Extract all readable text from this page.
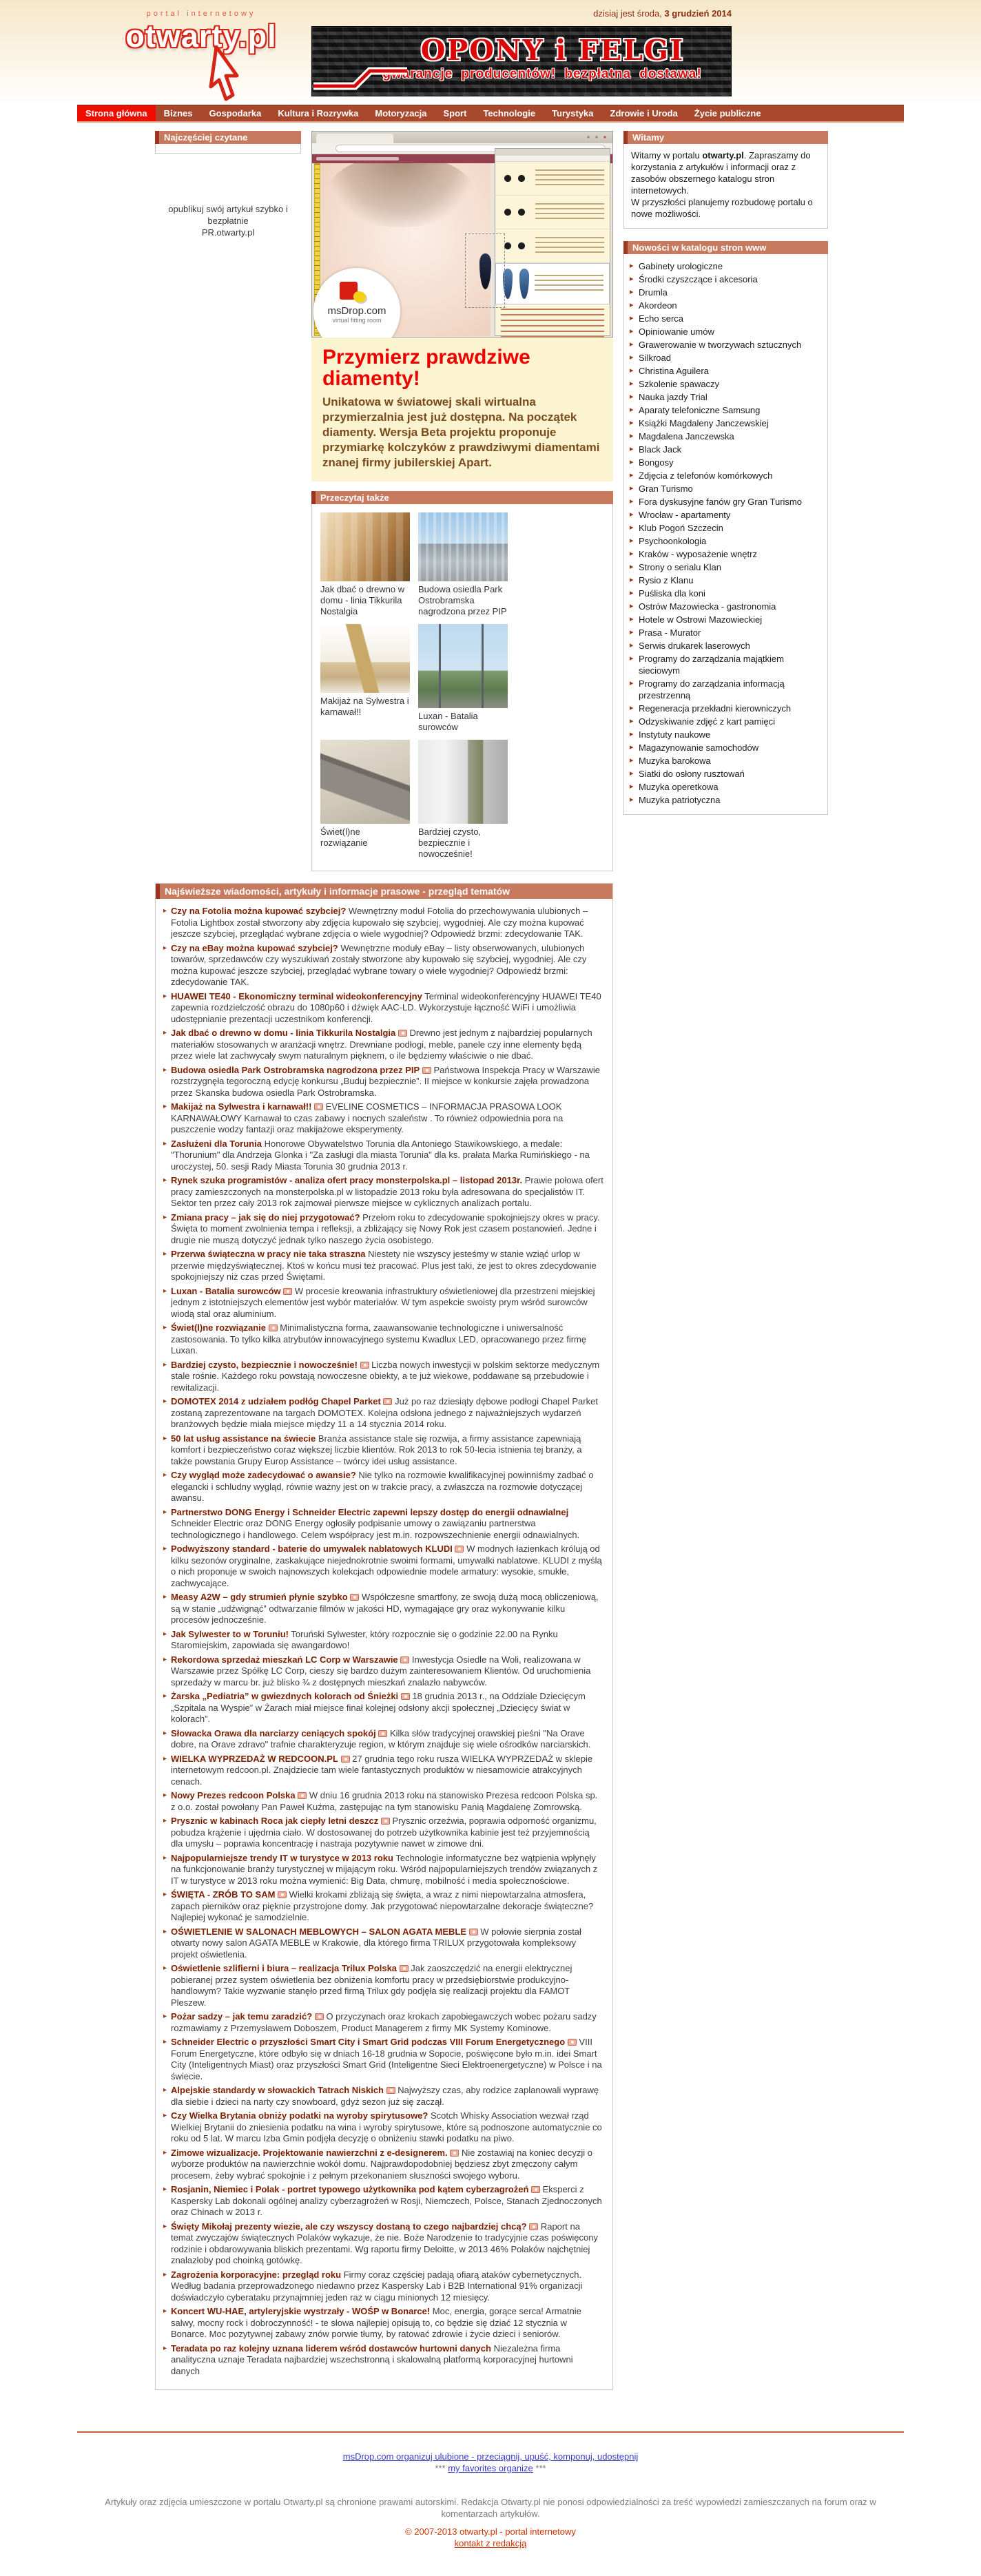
portal internetowy
otwarty.pl
dzisiaj jest środa, 3 grudzień 2014
OPONY i FELGI
gwarancje producentów! bezpłatna dostawa!
Strona główna	Biznes	Gospodarka	Kultura i Rozrywka	Motoryzacja	Sport	Technologie	Turystyka	Zdrowie i Uroda	Życie publiczne
Najczęściej czytane
opublikuj swój artykuł szybko i bezpłatnie
PR.otwarty.pl
msDrop.com
virtual fitting room
Przymierz prawdziwe diamenty!

Unikatowa w światowej skali wirtualna przymierzalnia jest już dostępna. Na początek diamenty. Wersja Beta projektu proponuje przymiarkę kolczyków z prawdziwymi diamentami znanej firmy jubilerskiej Apart.

Przeczytaj także
Jak dbać o drewno w domu - linia Tikkurila Nostalgia
Budowa osiedla Park Ostrobramska nagrodzona przez PIP
Makijaż na Sylwestra i karnawał!!	Luxan - Batalia surowców
Świet(l)ne rozwiązanie
Bardziej czysto, bezpiecznie i nowocześnie!
Witamy
Witamy w portalu otwarty.pl. Zapraszamy do korzystania z artykułów i informacji oraz z zasobów obszernego katalogu stron internetowych.
W przyszłości planujemy rozbudowę portalu o nowe możliwości.
Nowości w katalogu stron www
▸ Gabinety urologiczne
▸ Środki czyszczące i akcesoria
▸ Drumla
▸ Akordeon
▸ Echo serca
▸ Opiniowanie umów
▸ Grawerowanie w tworzywach sztucznych
▸ Silkroad
▸ Christina Aguilera
▸ Szkolenie spawaczy
▸ Nauka jazdy Trial
▸ Aparaty telefoniczne Samsung
▸ Książki Magdaleny Janczewskiej
▸ Magdalena Janczewska
▸ Black Jack
▸ Bongosy
▸ Zdjęcia z telefonów komórkowych
▸ Gran Turismo
▸ Fora dyskusyjne fanów gry Gran Turismo
▸ Wrocław - apartamenty
▸ Klub Pogoń Szczecin
▸ Psychoonkologia
▸ Kraków - wyposażenie wnętrz
▸ Strony o serialu Klan
▸ Rysio z Klanu
▸ Puśliska dla koni
▸ Ostrów Mazowiecka - gastronomia
▸ Hotele w Ostrowi Mazowieckiej
▸ Prasa - Murator
▸ Serwis drukarek laserowych
▸ Programy do zarządzania majątkiem sieciowym
▸ Programy do zarządzania informacją przestrzenną
▸ Regeneracja przekładni kierowniczych
▸ Odzyskiwanie zdjęć z kart pamięci
▸ Instytuty naukowe
▸ Magazynowanie samochodów
▸ Muzyka barokowa
▸ Siatki do osłony rusztowań
▸ Muzyka operetkowa
▸ Muzyka patriotyczna
Najświeższe wiadomości, artykuły i informacje prasowe - przegląd tematów
▸ Czy na Fotolia można kupować szybciej? Wewnętrzny moduł Fotolia do przechowywania ulubionych – Fotolia Lightbox został stworzony aby zdjęcia kupowało się szybciej, wygodniej. Ale czy można kupować jeszcze szybciej, przeglądać wybrane zdjęcia o wiele wygodniej? Odpowiedź brzmi: zdecydowanie TAK.
▸ Czy na eBay można kupować szybciej? Wewnętrzne moduły eBay – listy obserwowanych, ulubionych towarów, sprzedawców czy wyszukiwań zostały stworzone aby kupowało się szybciej, wygodniej. Ale czy można kupować jeszcze szybciej, przeglądać wybrane towary o wiele wygodniej? Odpowiedź brzmi: zdecydowanie TAK.
▸ HUAWEI TE40 - Ekonomiczny terminal wideokonferencyjny Terminal wideokonferencyjny HUAWEI TE40 zapewnia rozdzielczość obrazu do 1080p60 i dźwięk AAC-LD. Wykorzystuje łączność WiFi i umożliwia udostępnianie prezentacji uczestnikom konferencji.
▸ Jak dbać o drewno w domu - linia Tikkurila Nostalgia Drewno jest jednym z najbardziej popularnych materiałów stosowanych w aranżacji wnętrz. Drewniane podłogi, meble, panele czy inne elementy będą przez wiele lat zachwycały swym naturalnym pięknem, o ile będziemy właściwie o nie dbać.
▸ Budowa osiedla Park Ostrobramska nagrodzona przez PIP Państwowa Inspekcja Pracy w Warszawie rozstrzygnęła tegoroczną edycję konkursu „Buduj bezpiecznie”. II miejsce w konkursie zajęła prowadzona przez Skanska budowa osiedla Park Ostrobramska.
▸ Makijaż na Sylwestra i karnawał!! EVELINE COSMETICS – INFORMACJA PRASOWA LOOK KARNAWAŁOWY Karnawał to czas zabawy i nocnych szaleństw . To również odpowiednia pora na puszczenie wodzy fantazji oraz makijażowe eksperymenty.
▸ Zasłużeni dla Torunia Honorowe Obywatelstwo Torunia dla Antoniego Stawikowskiego, a medale: "Thorunium" dla Andrzeja Glonka i "Za zasługi dla miasta Torunia" dla ks. prałata Marka Rumińskiego - na uroczystej, 50. sesji Rady Miasta Torunia 30 grudnia 2013 r.
▸ Rynek szuka programistów - analiza ofert pracy monsterpolska.pl – listopad 2013r. Prawie połowa ofert pracy zamieszczonych na monsterpolska.pl w listopadzie 2013 roku była adresowana do specjalistów IT. Sektor ten przez cały 2013 rok zajmował pierwsze miejsce w cyklicznych analizach portalu.
▸ Zmiana pracy – jak się do niej przygotować? Przełom roku to zdecydowanie spokojniejszy okres w pracy. Święta to moment zwolnienia tempa i refleksji, a zbliżający się Nowy Rok jest czasem postanowień. Jedne i drugie nie muszą dotyczyć jednak tylko naszego życia osobistego.
▸ Przerwa świąteczna w pracy nie taka straszna Niestety nie wszyscy jesteśmy w stanie wziąć urlop w przerwie międzyświątecznej. Ktoś w końcu musi też pracować. Plus jest taki, że jest to okres zdecydowanie spokojniejszy niż czas przed Świętami.
▸ Luxan - Batalia surowców W procesie kreowania infrastruktury oświetleniowej dla przestrzeni miejskiej jednym z istotniejszych elementów jest wybór materiałów. W tym aspekcie swoisty prym wśród surowców wiodą stal oraz aluminium.
▸ Świet(l)ne rozwiązanie Minimalistyczna forma, zaawansowanie technologiczne i uniwersalność zastosowania. To tylko kilka atrybutów innowacyjnego systemu Kwadlux LED, opracowanego przez firmę Luxan.
▸ Bardziej czysto, bezpiecznie i nowocześnie! Liczba nowych inwestycji w polskim sektorze medycznym stale rośnie. Każdego roku powstają nowoczesne obiekty, a te już wiekowe, poddawane są przebudowie i rewitalizacji.
▸ DOMOTEX 2014 z udziałem podłóg Chapel Parket Już po raz dziesiąty dębowe podłogi Chapel Parket zostaną zaprezentowane na targach DOMOTEX. Kolejna odsłona jednego z najważniejszych wydarzeń branżowych będzie miała miejsce między 11 a 14 stycznia 2014 roku.
▸ 50 lat usług assistance na świecie Branża assistance stale się rozwija, a firmy assistance zapewniają komfort i bezpieczeństwo coraz większej liczbie klientów. Rok 2013 to rok 50-lecia istnienia tej branży, a także powstania Grupy Europ Assistance – twórcy idei usług assistance.
▸ Czy wygląd może zadecydować o awansie? Nie tylko na rozmowie kwalifikacyjnej powinniśmy zadbać o elegancki i schludny wygląd, równie ważny jest on w trakcie pracy, a zwłaszcza na rozmowie dotyczącej awansu.
▸ Partnerstwo DONG Energy i Schneider Electric zapewni lepszy dostęp do energii odnawialnej Schneider Electric oraz DONG Energy ogłosiły podpisanie umowy o zawiązaniu partnerstwa technologicznego i handlowego. Celem współpracy jest m.in. rozpowszechnienie energii odnawialnych.
▸ Podwyższony standard - baterie do umywalek nablatowych KLUDI W modnych łazienkach królują od kilku sezonów oryginalne, zaskakujące niejednokrotnie swoimi formami, umywalki nablatowe. KLUDI z myślą o nich proponuje w swoich najnowszych kolekcjach odpowiednie modele armatury: wysokie, smukłe, zachwycające.
▸ Measy A2W – gdy strumień płynie szybko Współczesne smartfony, ze swoją dużą mocą obliczeniową, są w stanie „udźwignąć” odtwarzanie filmów w jakości HD, wymagające gry oraz wykonywanie kilku procesów jednocześnie.
▸ Jak Sylwester to w Toruniu! Toruński Sylwester, który rozpocznie się o godzinie 22.00 na Rynku Staromiejskim, zapowiada się awangardowo!
▸ Rekordowa sprzedaż mieszkań LC Corp w Warszawie Inwestycja Osiedle na Woli, realizowana w Warszawie przez Spółkę LC Corp, cieszy się bardzo dużym zainteresowaniem Klientów. Od uruchomienia sprzedaży w marcu br. już blisko ¾ z dostępnych mieszkań znalazło nabywców.
▸ Żarska „Pediatria” w gwiezdnych kolorach od Śnieżki 18 grudnia 2013 r., na Oddziale Dziecięcym „Szpitala na Wyspie” w Żarach miał miejsce finał kolejnej odsłony akcji społecznej „Dziecięcy świat w kolorach”.
▸ Słowacka Orawa dla narciarzy ceniących spokój Kilka słów tradycyjnej orawskiej pieśni "Na Orave dobre, na Orave zdravo" trafnie charakteryzuje region, w którym znajduje się wiele ośrodków narciarskich.
▸ WIELKA WYPRZEDAŻ W REDCOON.PL 27 grudnia tego roku rusza WIELKA WYPRZEDAŻ w sklepie internetowym redcoon.pl. Znajdziecie tam wiele fantastycznych produktów w niesamowicie atrakcyjnych cenach.
▸ Nowy Prezes redcoon Polska W dniu 16 grudnia 2013 roku na stanowisko Prezesa redcoon Polska sp. z o.o. został powołany Pan Paweł Kuźma, zastępując na tym stanowisku Panią Magdalenę Zomrowską.
▸ Prysznic w kabinach Roca jak ciepły letni deszcz Prysznic orzeźwia, poprawia odporność organizmu, pobudza krążenie i ujędrnia ciało. W dostosowanej do potrzeb użytkownika kabinie jest też przyjemnością dla umysłu – poprawia koncentrację i nastraja pozytywnie nawet w zimowe dni.
▸ Najpopularniejsze trendy IT w turystyce w 2013 roku Technologie informatyczne bez wątpienia wpłynęły na funkcjonowanie branży turystycznej w mijającym roku. Wśród najpopularniejszych trendów związanych z IT w turystyce w 2013 roku można wymienić: Big Data, chmurę, mobilność i media społecznościowe.
▸ ŚWIĘTA - ZRÓB TO SAM Wielki krokami zbliżają się święta, a wraz z nimi niepowtarzalna atmosfera, zapach pierników oraz pięknie przystrojone domy. Jak przygotować niepowtarzalne dekoracje świąteczne? Najlepiej wykonać je samodzielnie.
▸ OŚWIETLENIE W SALONACH MEBLOWYCH – SALON AGATA MEBLE W połowie sierpnia został otwarty nowy salon AGATA MEBLE w Krakowie, dla którego firma TRILUX przygotowała kompleksowy projekt oświetlenia.
▸ Oświetlenie szlifierni i biura – realizacja Trilux Polska Jak zaoszczędzić na energii elektrycznej pobieranej przez system oświetlenia bez obniżenia komfortu pracy w przedsiębiorstwie produkcyjno-handlowym? Takie wyzwanie stanęło przed firmą Trilux gdy podjęła się realizacji projektu dla FAMOT Pleszew.
▸ Pożar sadzy – jak temu zaradzić? O przyczynach oraz krokach zapobiegawczych wobec pożaru sadzy rozmawiamy z Przemysławem Doboszem, Product Managerem z firmy MK Systemy Kominowe.
▸ Schneider Electric o przyszłości Smart City i Smart Grid podczas VIII Forum Energetycznego VIII Forum Energetyczne, które odbyło się w dniach 16-18 grudnia w Sopocie, poświęcone było m.in. idei Smart City (Inteligentnych Miast) oraz przyszłości Smart Grid (Inteligentne Sieci Elektroenergetyczne) w Polsce i na świecie.
▸ Alpejskie standardy w słowackich Tatrach Niskich Najwyższy czas, aby rodzice zaplanowali wyprawę dla siebie i dzieci na narty czy snowboard, gdyż sezon już się zaczął.
▸ Czy Wielka Brytania obniży podatki na wyroby spirytusowe? Scotch Whisky Association wezwał rząd Wielkiej Brytanii do zniesienia podatku na wina i wyroby spirytusowe, które są podnoszone automatycznie co roku od 5 lat. W marcu Izba Gmin podjęła decyzję o obniżeniu stawki podatku na piwo.
▸ Zimowe wizualizacje. Projektowanie nawierzchni z e-designerem. Nie zostawiaj na koniec decyzji o wyborze produktów na nawierzchnie wokół domu. Najprawdopodobniej będziesz zbyt zmęczony całym procesem, żeby wybrać spokojnie i z pełnym przekonaniem słuszności swojego wyboru.
▸ Rosjanin, Niemiec i Polak - portret typowego użytkownika pod kątem cyberzagrożeń Eksperci z Kaspersky Lab dokonali ogólnej analizy cyberzagrożeń w Rosji, Niemczech, Polsce, Stanach Zjednoczonych oraz Chinach w 2013 r.
▸ Święty Mikołaj prezenty wiezie, ale czy wszyscy dostaną to czego najbardziej chcą? Raport na temat zwyczajów świątecznych Polaków wykazuje, że nie. Boże Narodzenie to tradycyjnie czas poświęcony rodzinie i obdarowywania bliskich prezentami. Wg raportu firmy Deloitte, w 2013 46% Polaków najchętniej znalazłoby pod choinką gotówkę.
▸ Zagrożenia korporacyjne: przegląd roku Firmy coraz częściej padają ofiarą ataków cybernetycznych. Według badania przeprowadzonego niedawno przez Kaspersky Lab i B2B International 91% organizacji doświadczyło cyberataku przynajmniej jeden raz w ciągu minionych 12 miesięcy.
▸ Koncert WU-HAE, artyleryjskie wystrzały - WOŚP w Bonarce! Moc, energia, gorące serca! Armatnie salwy, mocny rock i dobroczynność! - te słowa najlepiej opisują to, co będzie się dziać 12 stycznia w Bonarce. Moc pozytywnej zabawy znów porwie tłumy, by ratować zdrowie i życie dzieci i seniorów.
▸ Teradata po raz kolejny uznana liderem wśród dostawców hurtowni danych Niezależna firma analityczna uznaje Teradata najbardziej wszechstronną i skalowalną platformą korporacyjnej hurtowni danych
msDrop.com organizuj ulubione - przeciągnij, upuść, komponuj, udostępnij
*** my favorites organize ***

Artykuły oraz zdjęcia umieszczone w portalu Otwarty.pl są chronione prawami autorskimi. Redakcja Otwarty.pl nie ponosi odpowiedzialności za treść wypowiedzi zamieszczanych na forum oraz w komentarzach artykułów.

© 2007-2013 otwarty.pl - portal internetowy

kontakt z redakcją
